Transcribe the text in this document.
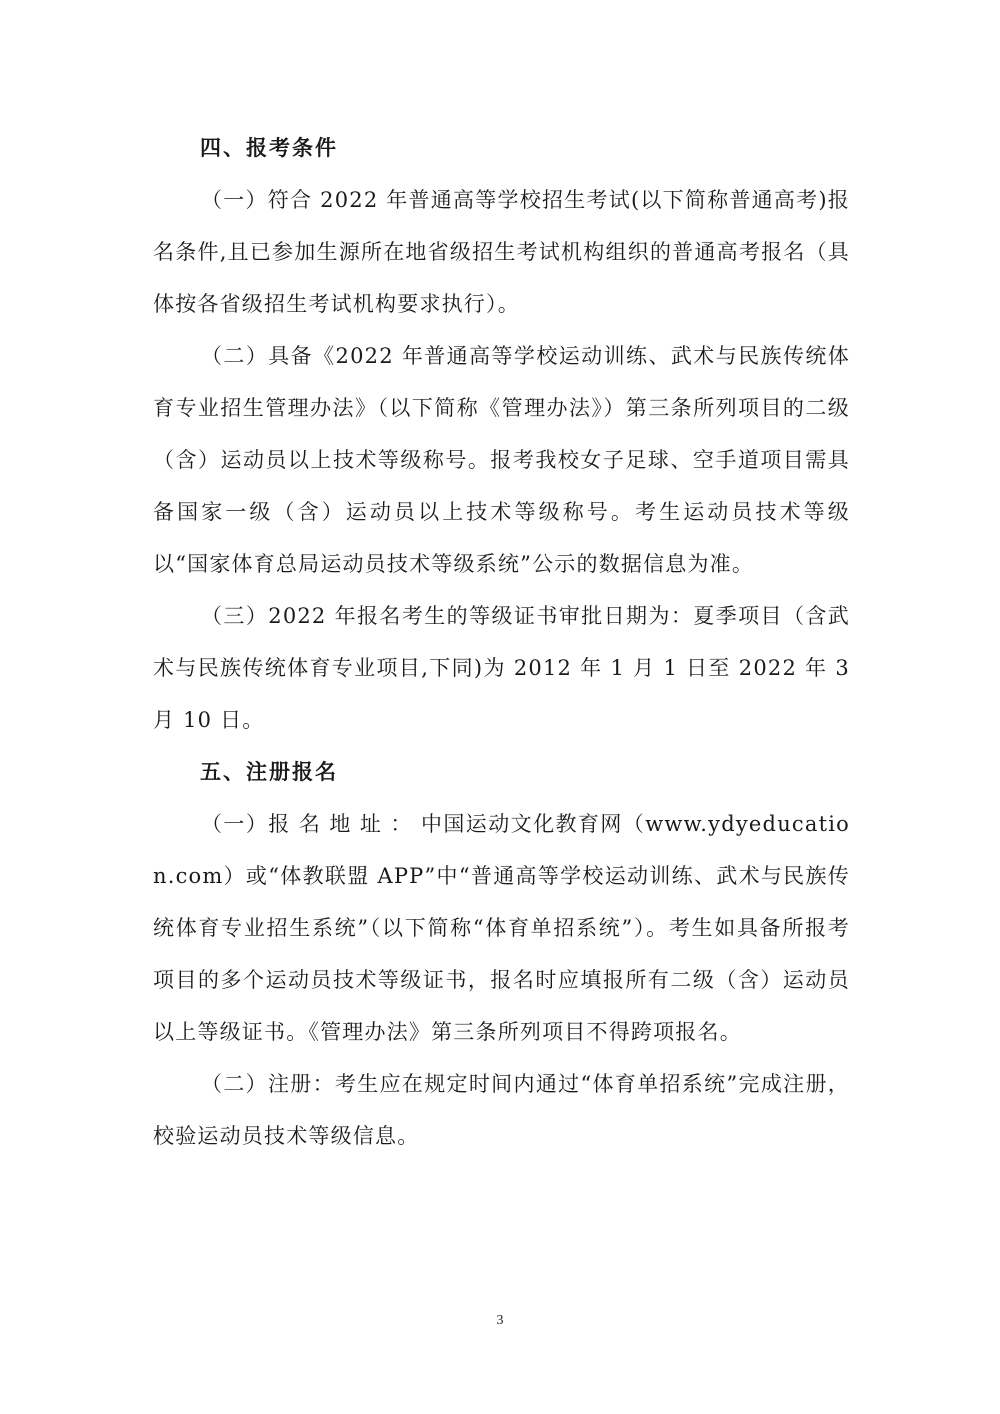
四、报考条件

（一）符合 2022 年普通高等学校招生考试(以下简称普通高考)报名条件,且已参加生源所在地省级招生考试机构组织的普通高考报名（具体按各省级招生考试机构要求执行）。

（二）具备《2022 年普通高等学校运动训练、武术与民族传统体育专业招生管理办法》（以下简称《管理办法》）第三条所列项目的二级（含）运动员以上技术等级称号。报考我校女子足球、空手道项目需具备国家一级（含）运动员以上技术等级称号。考生运动员技术等级以“国家体育总局运动员技术等级系统”公示的数据信息为准。

（三）2022 年报名考生的等级证书审批日期为：夏季项目（含武术与民族传统体育专业项目,下同)为 2012 年 1 月 1 日至 2022 年 3 月 10 日。

五、注册报名

（一）报 名 地 址 ： 中国运动文化教育网（www.ydyeducation.com）或“体教联盟 APP”中“普通高等学校运动训练、武术与民族传统体育专业招生系统”（以下简称“体育单招系统”）。考生如具备所报考项目的多个运动员技术等级证书，报名时应填报所有二级（含）运动员以上等级证书。《管理办法》第三条所列项目不得跨项报名。

（二）注册：考生应在规定时间内通过“体育单招系统”完成注册，校验运动员技术等级信息。

3
